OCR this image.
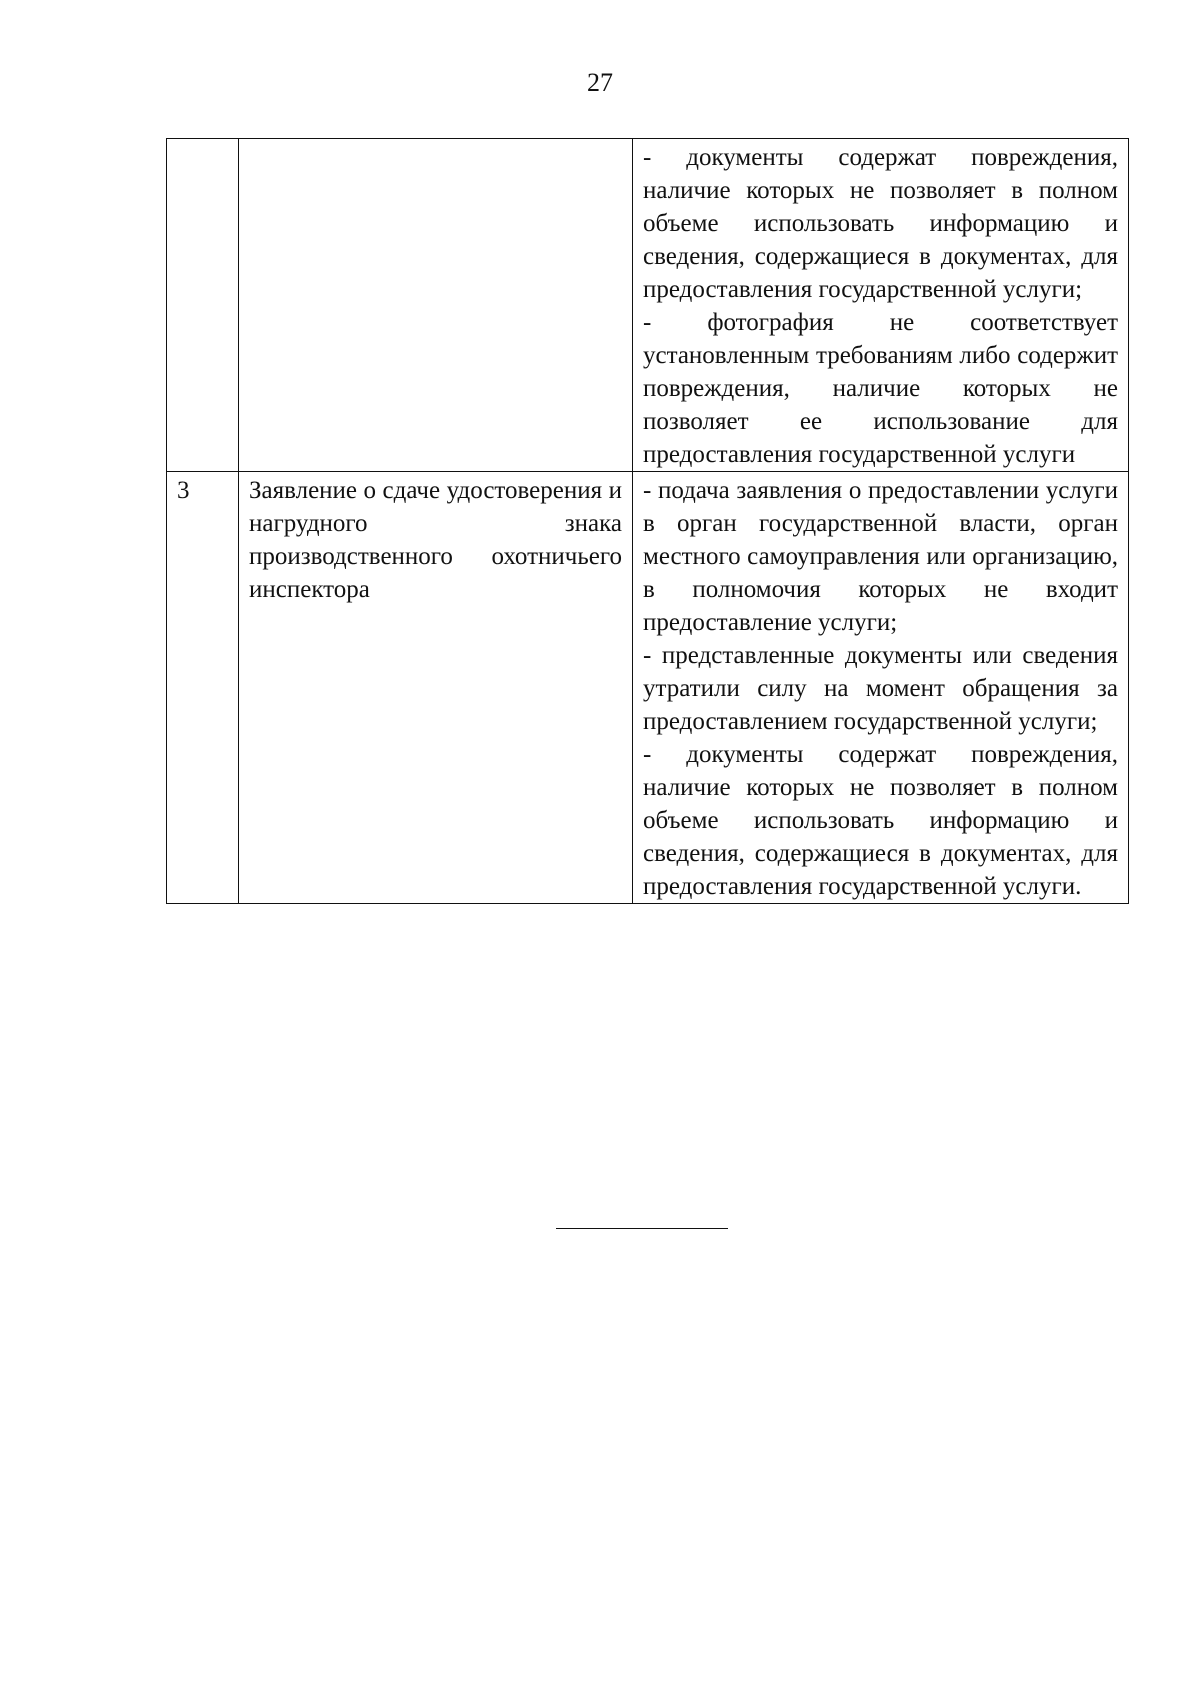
27

		- документы содержат повреждения, наличие которых не позволяет в полном объеме использовать информацию и сведения, содержащиеся в документах, для предоставления государственной услуги;

- фотография не соответствует установленным требованиям либо содержит повреждения, наличие которых не позволяет ее использование для предоставления государственной услуги

3	Заявление о сдаче удостоверения и нагрудного знака производственного охотничьего инспектора	- подача заявления о предоставлении услуги в орган государственной власти, орган местного самоуправления или организацию, в полномочия которых не входит предоставление услуги;

- представленные документы или сведения утратили силу на момент обращения за предоставлением государственной услуги;

- документы содержат повреждения, наличие которых не позволяет в полном объеме использовать информацию и сведения, содержащиеся в документах, для предоставления государственной услуги.
